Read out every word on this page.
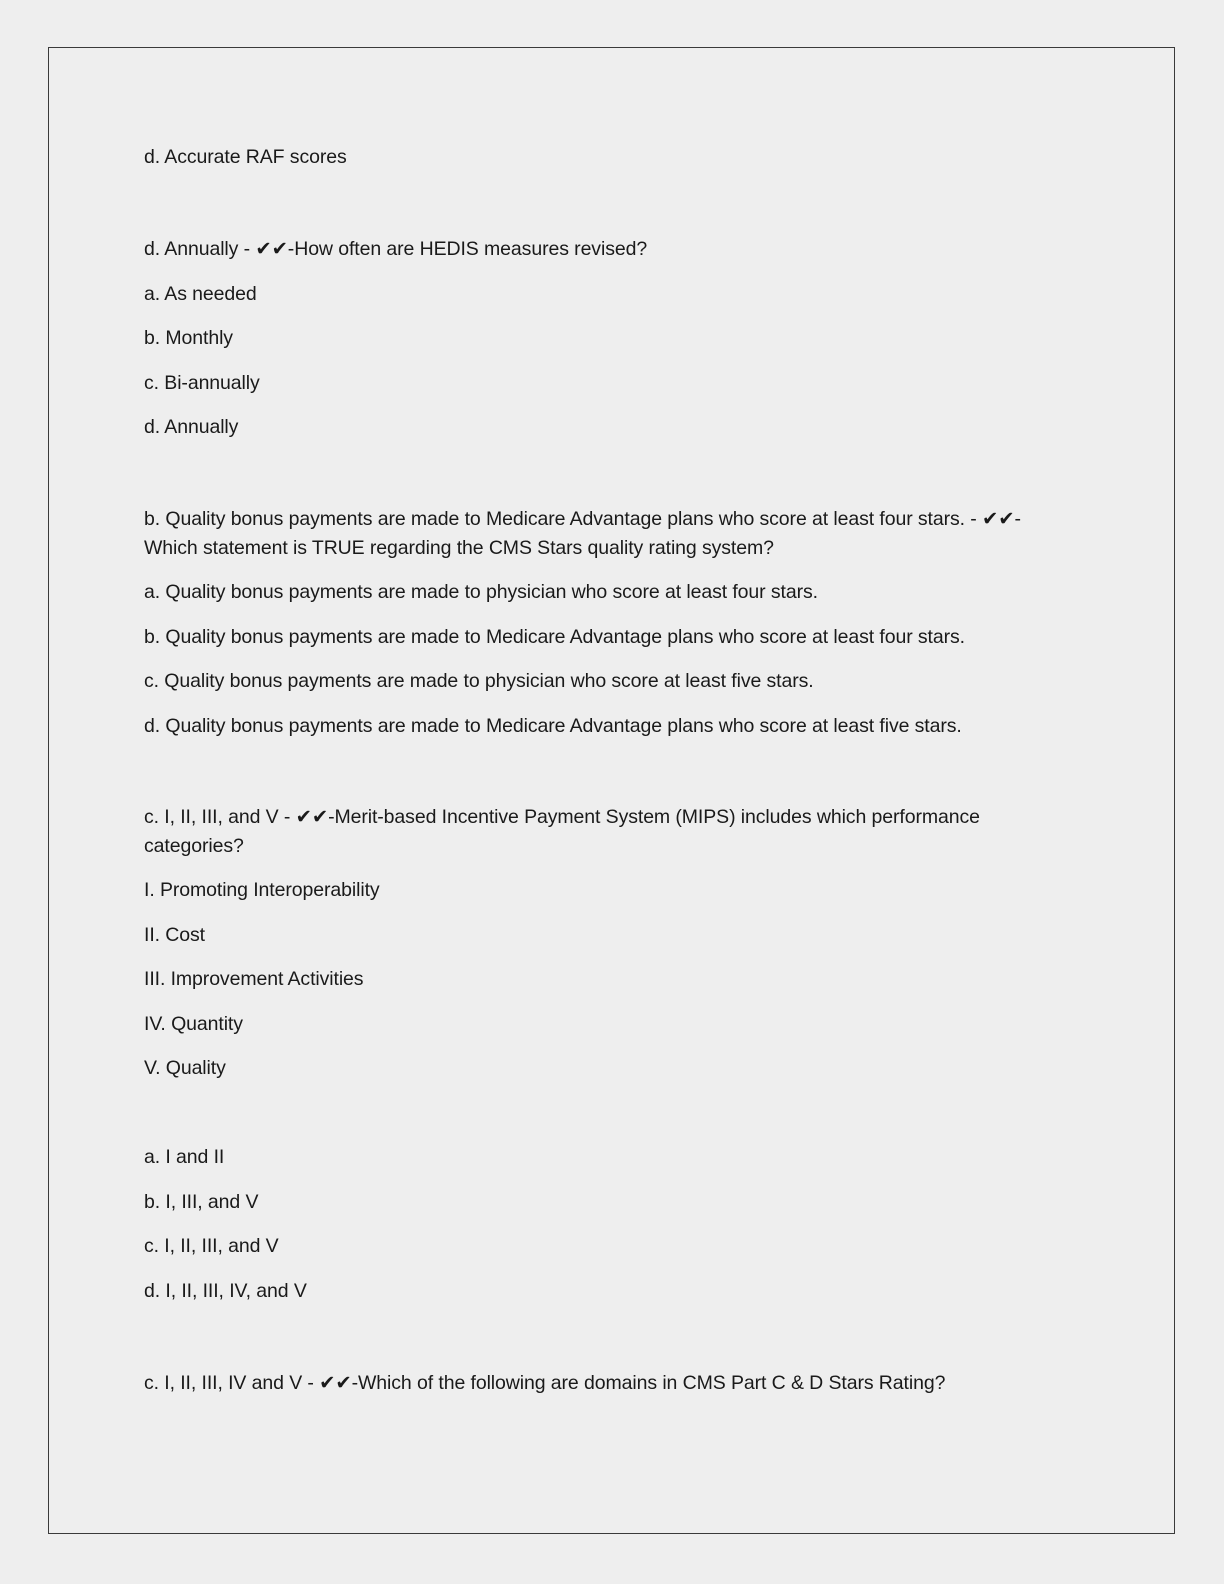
d. Accurate RAF scores
d. Annually - ✔✔-How often are HEDIS measures revised?
a. As needed
b. Monthly
c. Bi-annually
d. Annually
b. Quality bonus payments are made to Medicare Advantage plans who score at least four stars. - ✔✔-
Which statement is TRUE regarding the CMS Stars quality rating system?
a. Quality bonus payments are made to physician who score at least four stars.
b. Quality bonus payments are made to Medicare Advantage plans who score at least four stars.
c. Quality bonus payments are made to physician who score at least five stars.
d. Quality bonus payments are made to Medicare Advantage plans who score at least five stars.
c. I, II, III, and V - ✔✔-Merit-based Incentive Payment System (MIPS) includes which performance
categories?
I. Promoting Interoperability
II. Cost
III. Improvement Activities
IV. Quantity
V. Quality
a. I and II
b. I, III, and V
c. I, II, III, and V
d. I, II, III, IV, and V
c. I, II, III, IV and V - ✔✔-Which of the following are domains in CMS Part C & D Stars Rating?
